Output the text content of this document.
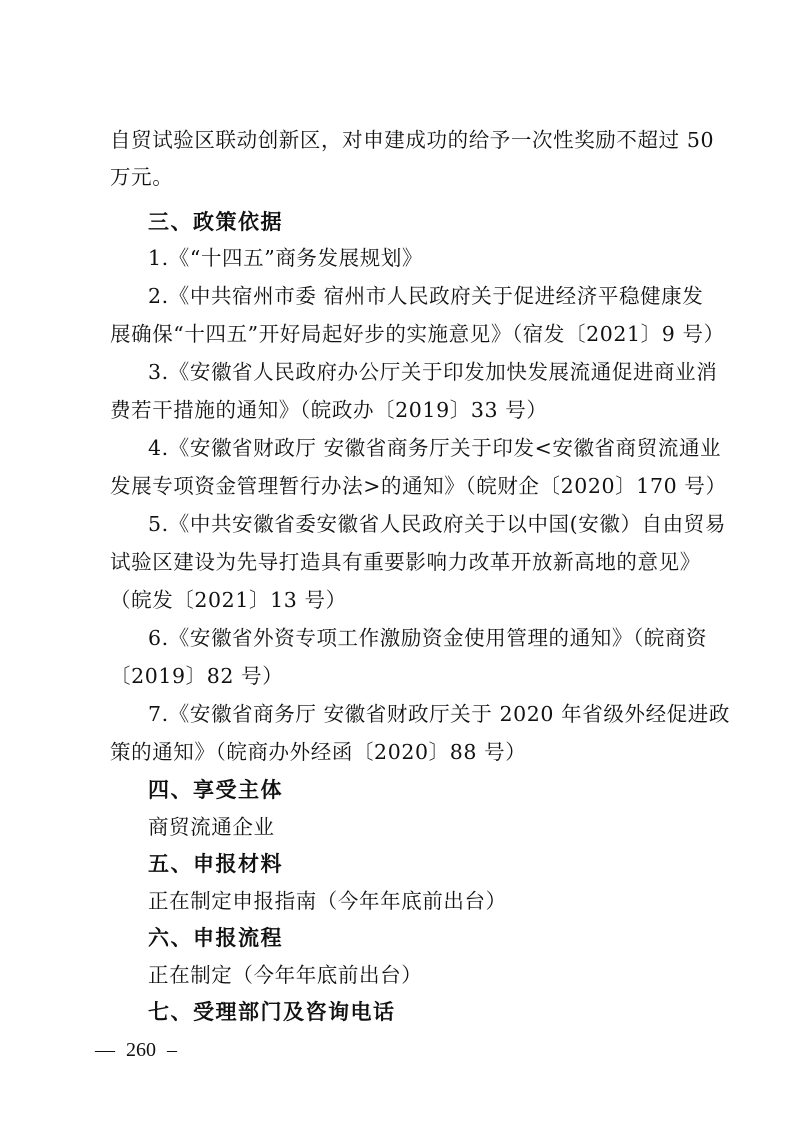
自贸试验区联动创新区，对申建成功的给予一次性奖励不超过 50
万元。
三、政策依据
1.《“十四五”商务发展规划》
2.《中共宿州市委 宿州市人民政府关于促进经济平稳健康发
展确保“十四五”开好局起好步的实施意见》（宿发〔2021〕9 号）
3.《安徽省人民政府办公厅关于印发加快发展流通促进商业消
费若干措施的通知》（皖政办〔2019〕33 号）
4.《安徽省财政厅 安徽省商务厅关于印发<安徽省商贸流通业
发展专项资金管理暂行办法>的通知》（皖财企〔2020〕170 号）
5.《中共安徽省委安徽省人民政府关于以中国(安徽）自由贸易
试验区建设为先导打造具有重要影响力改革开放新高地的意见》
（皖发〔2021〕13 号）
6.《安徽省外资专项工作激励资金使用管理的通知》（皖商资
〔2019〕82 号）
7.《安徽省商务厅 安徽省财政厅关于 2020 年省级外经促进政
策的通知》（皖商办外经函〔2020〕88 号）
四、享受主体
商贸流通企业
五、申报材料
正在制定申报指南（今年年底前出台）
六、申报流程
正在制定（今年年底前出台）
七、受理部门及咨询电话
— 260 –
